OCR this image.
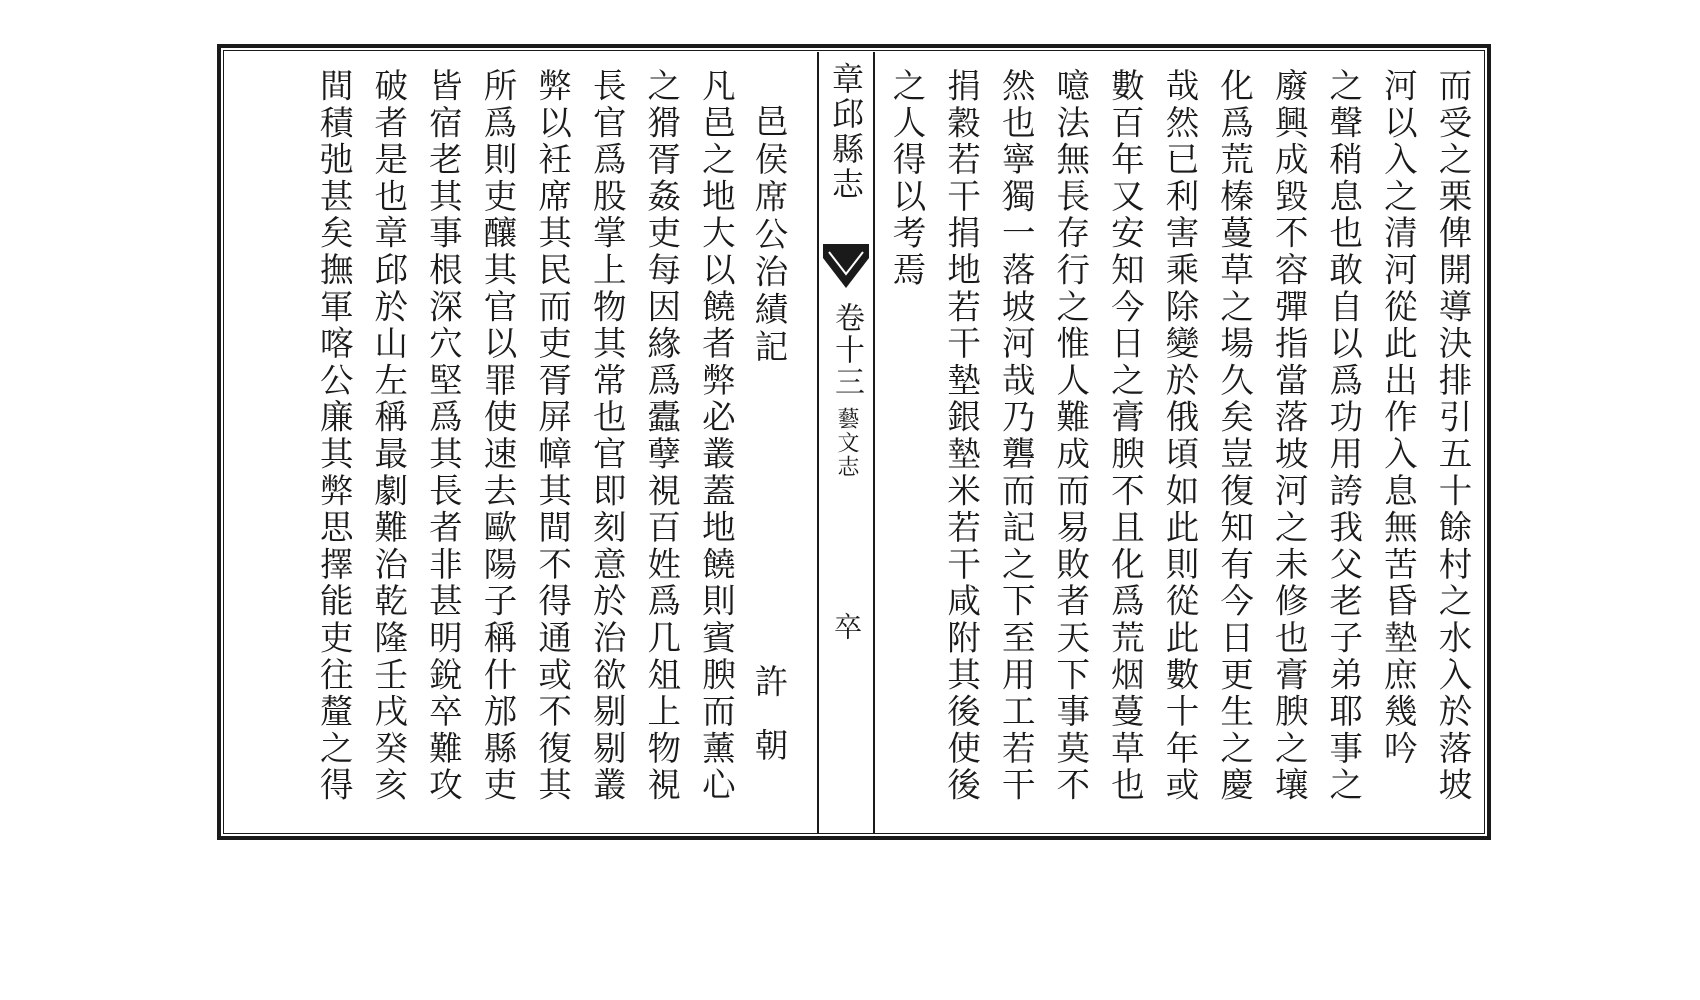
而受之栗俾開導決排引五十餘村之水入於落坡
河以入之清河從此出作入息無苦昏墊庶幾吟
之聲稍息也敢自以爲功用誇我父老子弟耶事之
廢興成毀不容彈指當落坡河之未修也膏腴之壤
化爲荒榛蔓草之場久矣豈復知有今日更生之慶
哉然已利害乘除變於俄頃如此則從此數十年或
數百年又安知今日之膏腴不且化爲荒烟蔓草也
噫法無長存行之惟人難成而易敗者天下事莫不
然也寧獨一落坡河哉乃礱而記之下至用工若干
捐穀若干捐地若干墊銀墊米若干咸附其後使後
章邱縣志
卷十三
藝文志
卒
之人得以考焉
邑侯席公治績記
許朝
凡邑之地大以饒者弊必叢蓋地饒則賓腴而薰心
之猾胥姦吏每因緣爲蠹孽視百姓爲几俎上物視
長官爲股掌上物其常也官即刻意於治欲剔剔叢
弊以衽席其民而吏胥屏幛其間不得通或不復其
所爲則吏釀其官以罪使速去歐陽子稱什邡縣吏
皆宿老其事根深穴堅爲其長者非甚明銳卒難攻
破者是也章邱於山左稱最劇難治乾隆壬戌癸亥
間積弛甚矣撫軍喀公廉其弊思擇能吏往釐之得
